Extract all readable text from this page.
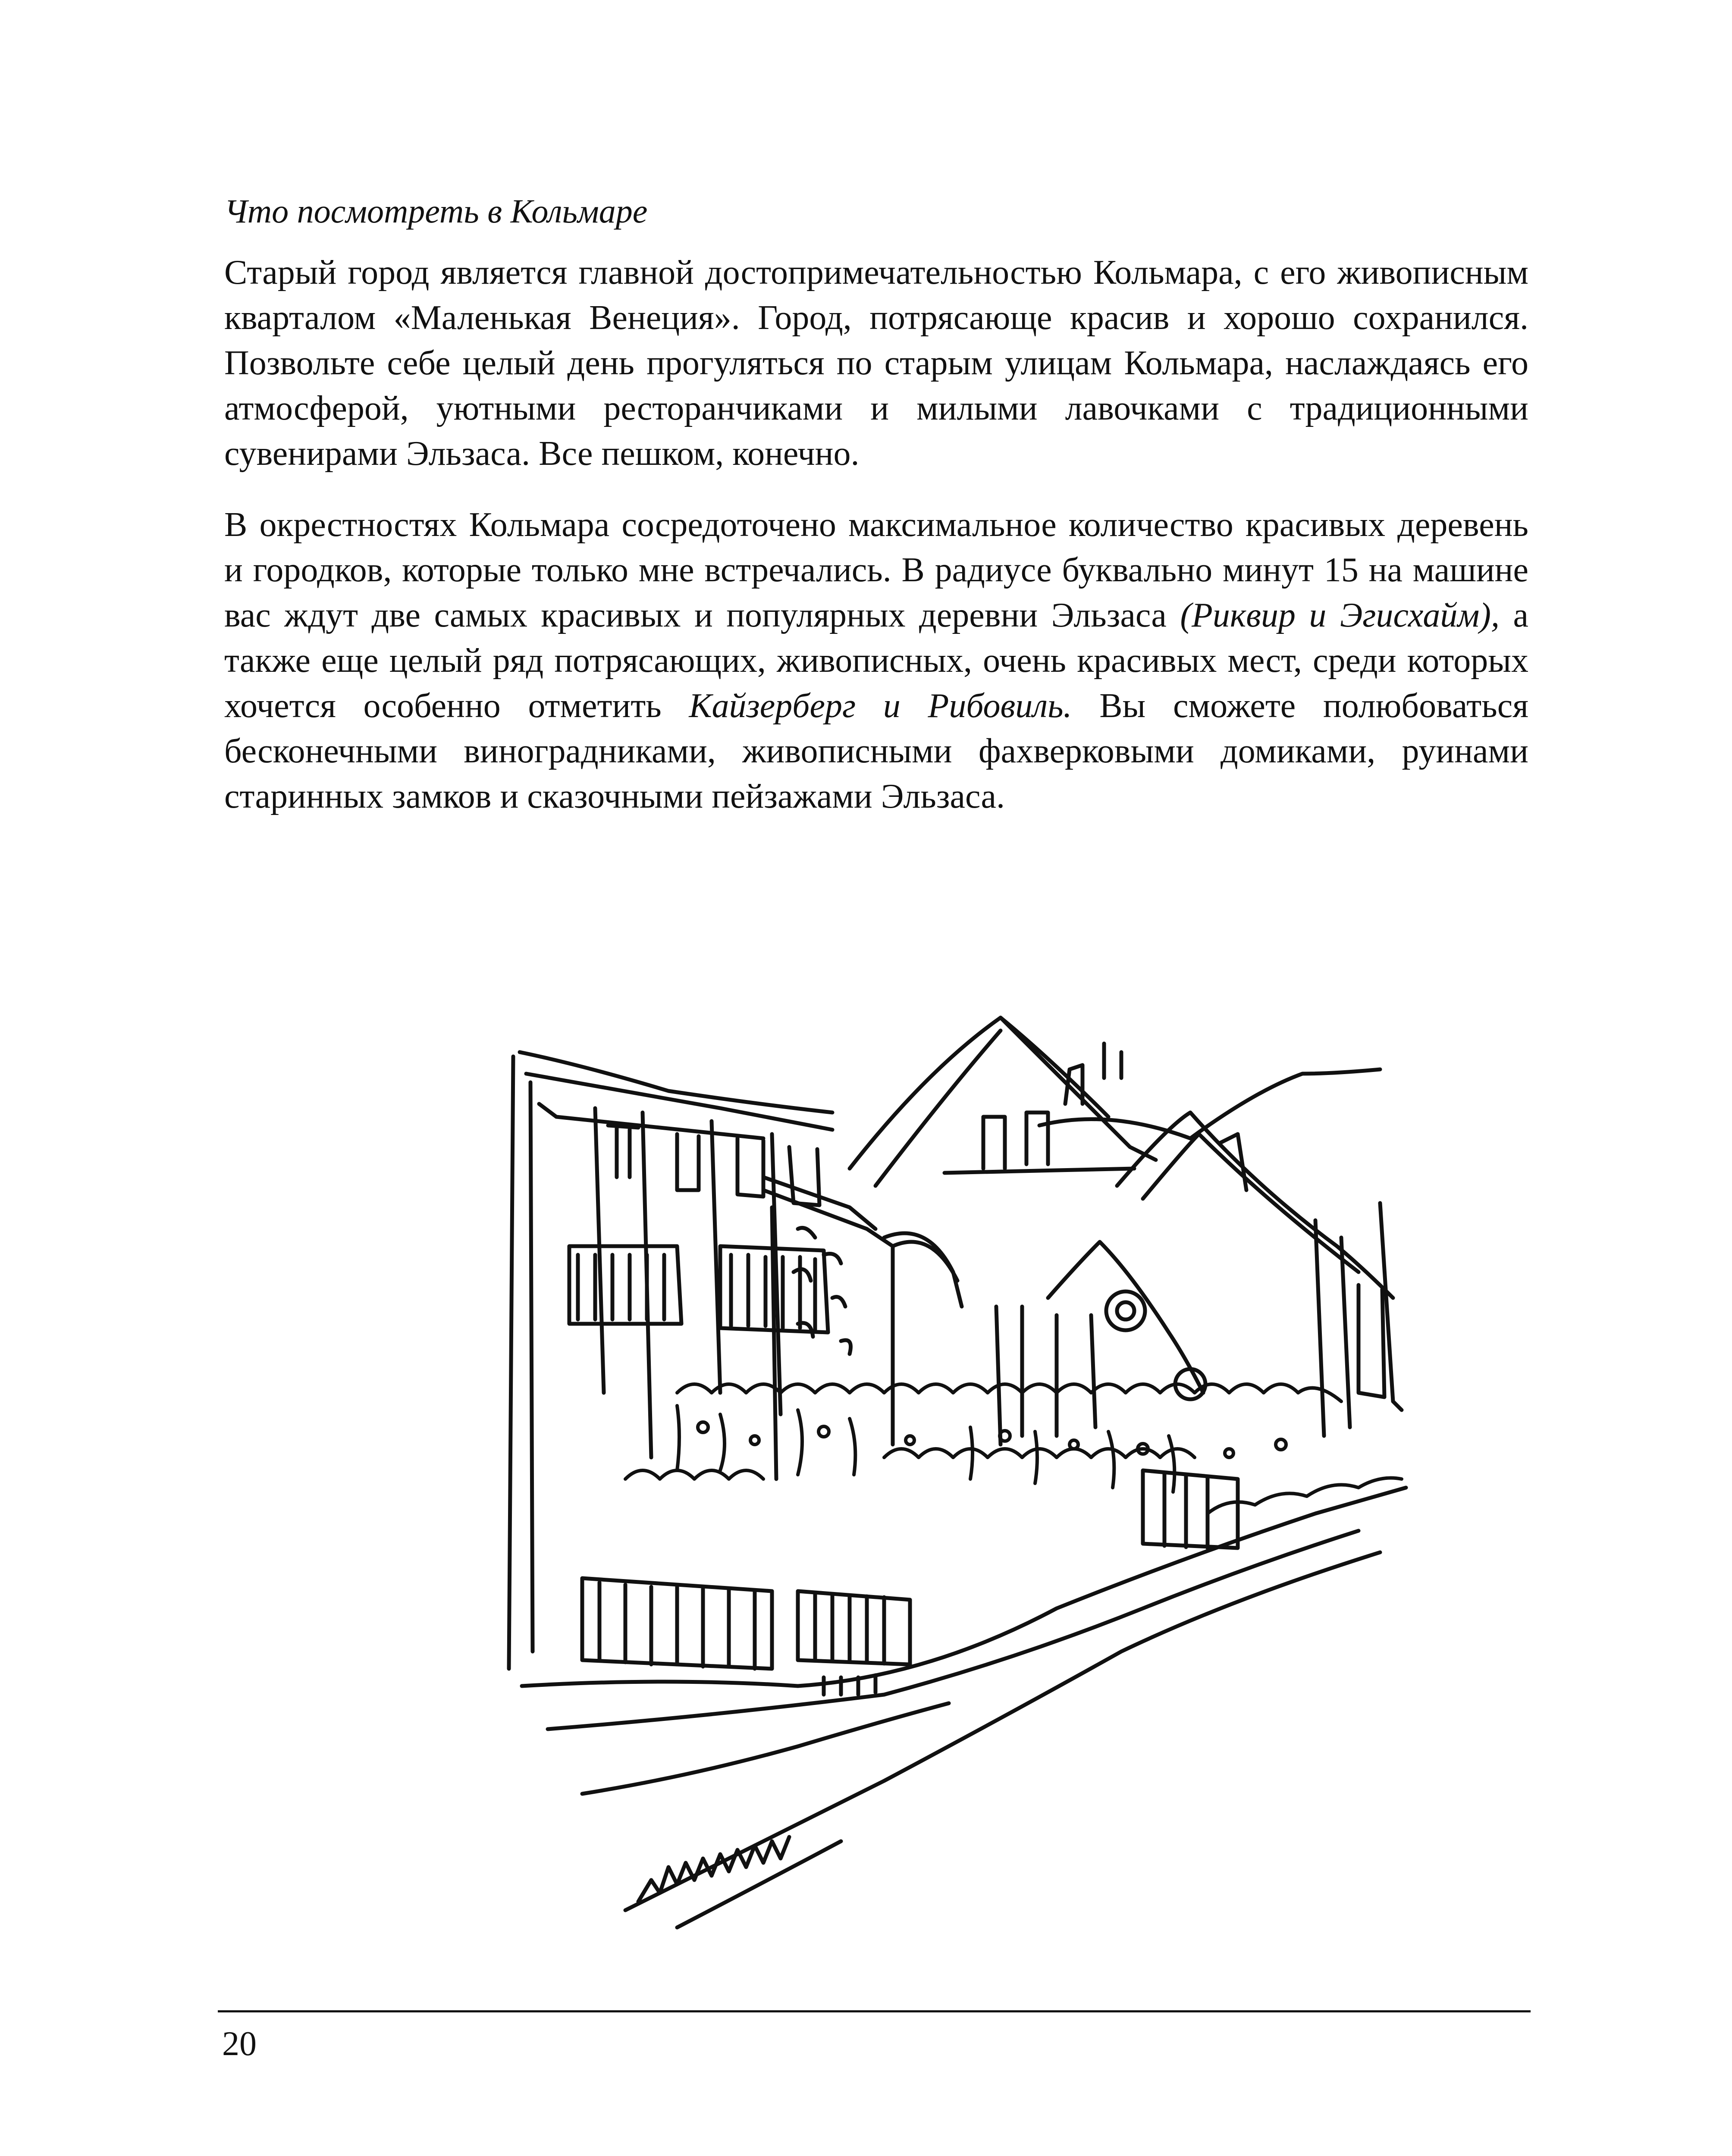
Что посмотреть в Кольмаре

Старый город является главной достопримечательностью Кольмара, с его живописным кварталом «Маленькая Венеция». Город, потрясающе красив и хорошо сохранился. Позвольте себе целый день прогуляться по старым улицам Кольмара, наслаждаясь его атмосферой, уютными ресторанчиками и милыми лавочками с традиционными сувенирами Эльзаса. Все пешком, конечно.

В окрестностях Кольмара сосредоточено максимальное количество красивых деревень и городков, которые только мне встречались. В радиусе буквально минут 15 на машине вас ждут две самых красивых и популярных деревни Эльзаса (Риквир и Эгисхайм), а также еще целый ряд потрясающих, живописных, очень красивых мест, среди которых хочется особенно отметить Кайзерберг и Рибовиль. Вы сможете полюбоваться бесконечными виноградниками, живописными фахверковыми домиками, руинами старинных замков и сказочными пейзажами Эльзаса.

20
